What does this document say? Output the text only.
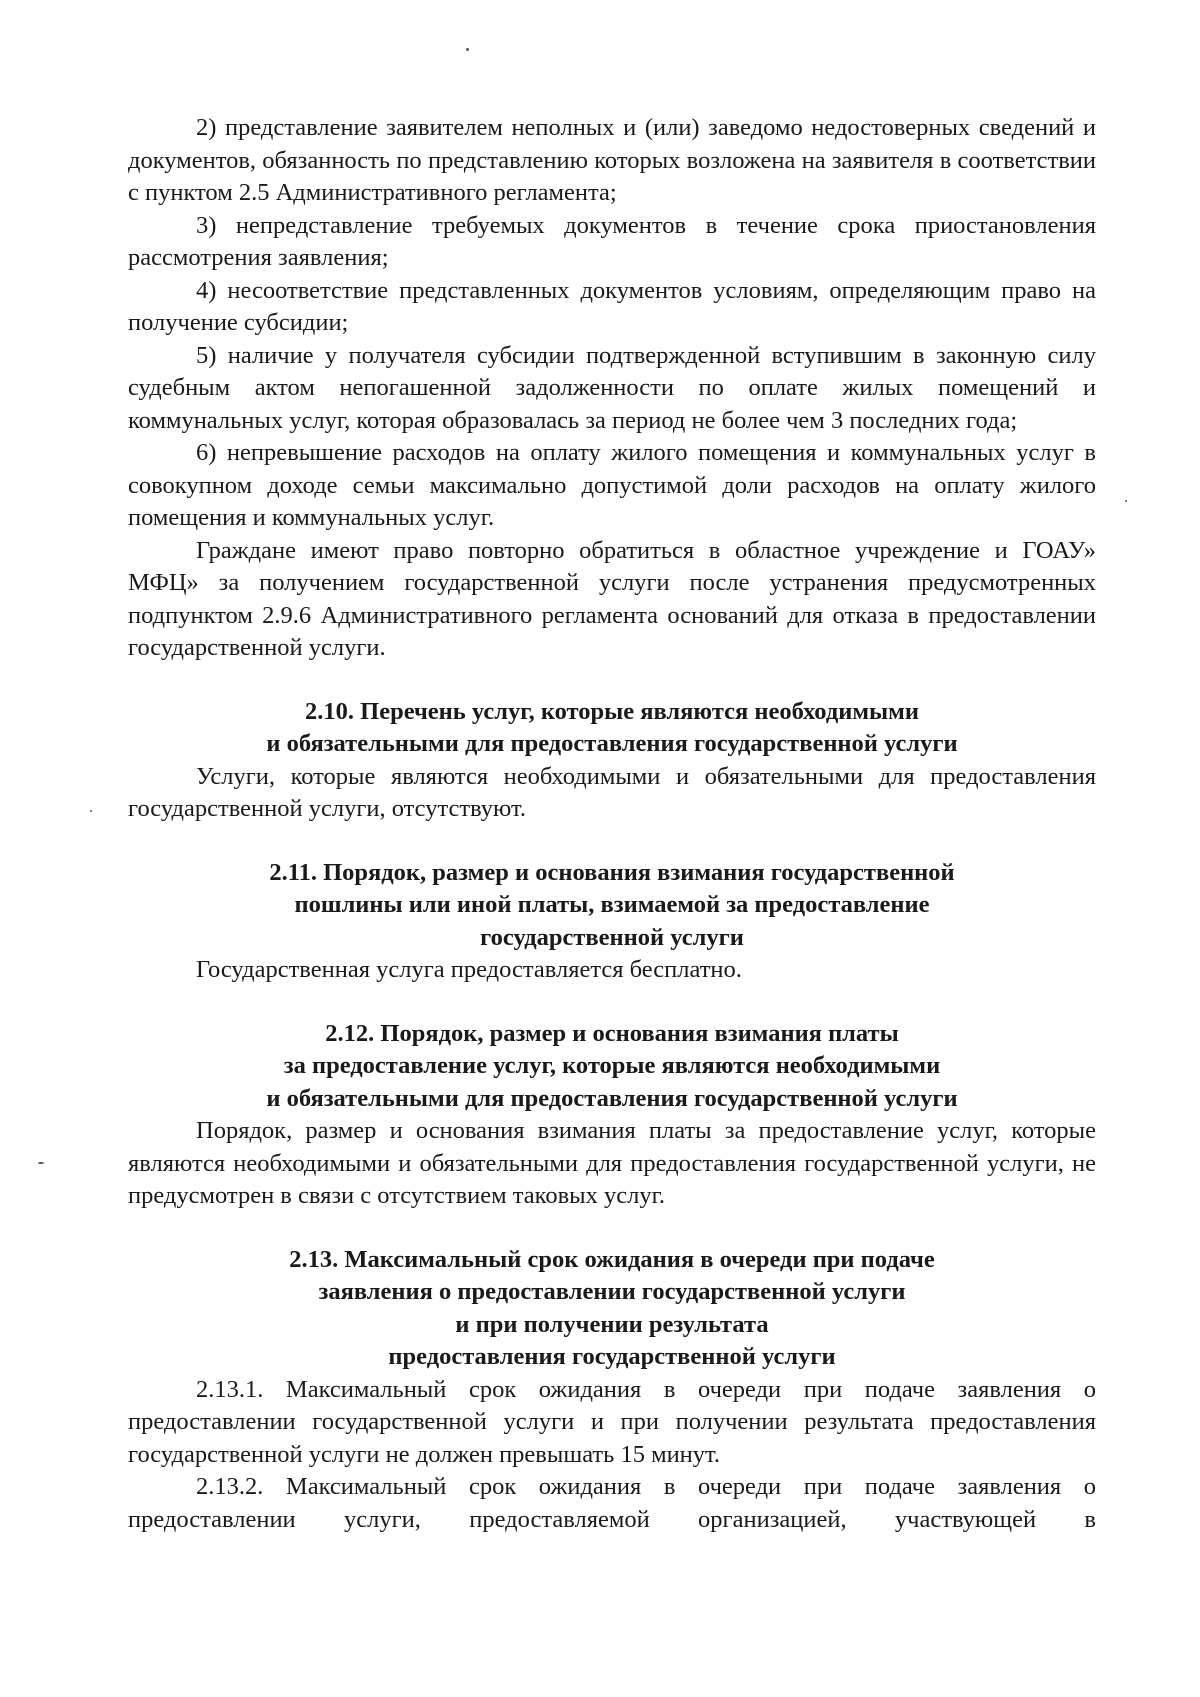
2) представление заявителем неполных и (или) заведомо недостоверных сведений и документов, обязанность по представлению которых возложена на заявителя в соответствии с пунктом 2.5 Административного регламента;

3) непредставление требуемых документов в течение срока приостановления рассмотрения заявления;

4) несоответствие представленных документов условиям, определяющим право на получение субсидии;

5) наличие у получателя субсидии подтвержденной вступившим в законную силу судебным актом непогашенной задолженности по оплате жилых помещений и коммунальных услуг, которая образовалась за период не более чем 3 последних года;

6) непревышение расходов на оплату жилого помещения и коммунальных услуг в совокупном доходе семьи максимально допустимой доли расходов на оплату жилого помещения и коммунальных услуг.

Граждане имеют право повторно обратиться в областное учреждение и ГОАУ» МФЦ» за получением государственной услуги после устранения предусмотренных подпунктом 2.9.6 Административного регламента оснований для отказа в предоставлении государственной услуги.

2.10. Перечень услуг, которые являются необходимыми
и обязательными для предоставления государственной услуги

Услуги, которые являются необходимыми и обязательными для предоставления государственной услуги, отсутствуют.

2.11. Порядок, размер и основания взимания государственной
пошлины или иной платы, взимаемой за предоставление
государственной услуги

Государственная услуга предоставляется бесплатно.

2.12. Порядок, размер и основания взимания платы
за предоставление услуг, которые являются необходимыми
и обязательными для предоставления государственной услуги

Порядок, размер и основания взимания платы за предоставление услуг, которые являются необходимыми и обязательными для предоставления государственной услуги, не предусмотрен в связи с отсутствием таковых услуг.

2.13. Максимальный срок ожидания в очереди при подаче
заявления о предоставлении государственной услуги
и при получении результата
предоставления государственной услуги

2.13.1. Максимальный срок ожидания в очереди при подаче заявления о предоставлении государственной услуги и при получении результата предоставления государственной услуги не должен превышать 15 минут.

2.13.2. Максимальный срок ожидания в очереди при подаче заявления о предоставлении услуги, предоставляемой организацией, участвующей в
